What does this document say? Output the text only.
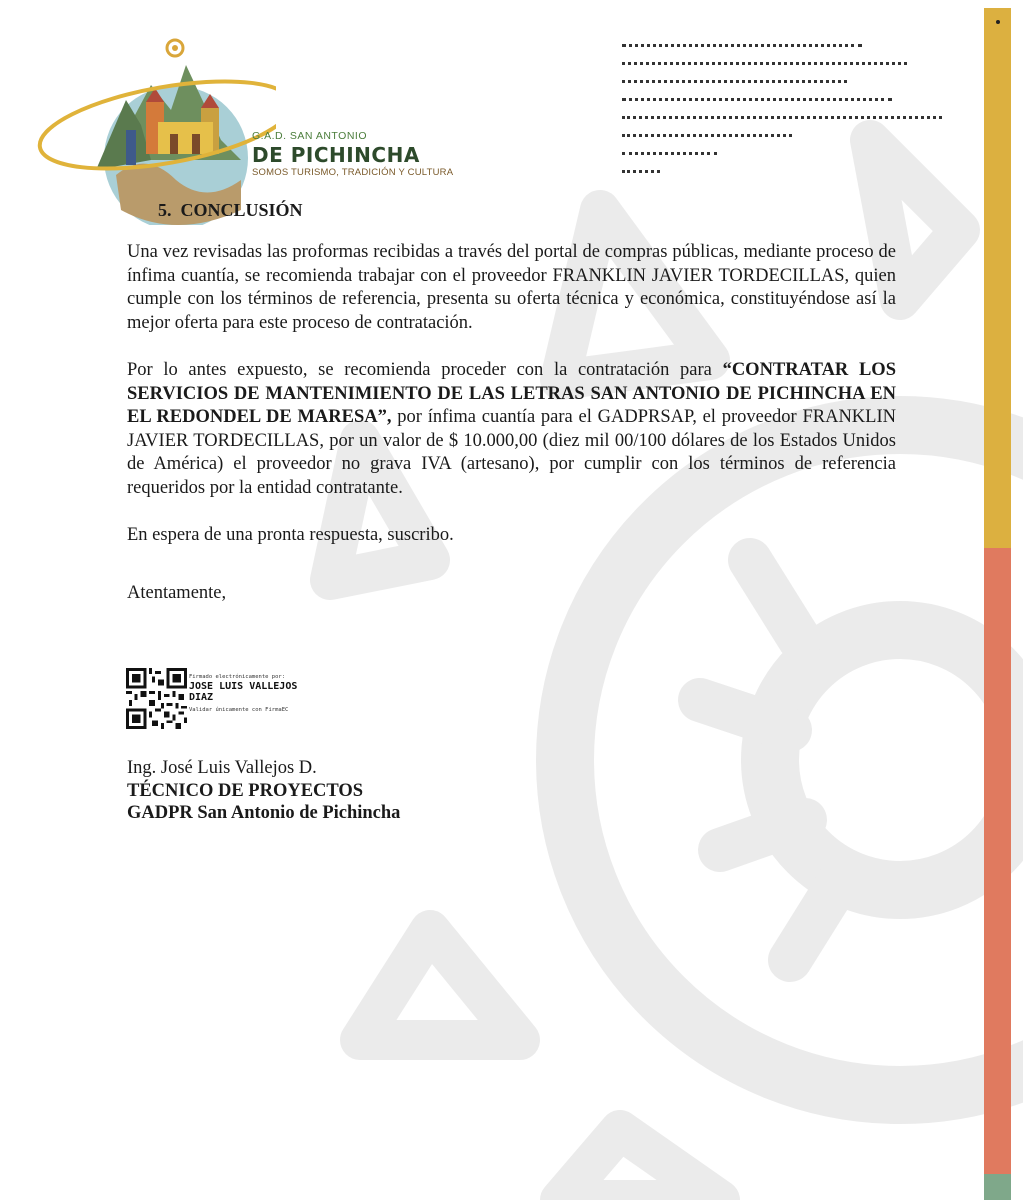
G.A.D. SAN ANTONIO
DE PICHINCHA
SOMOS TURISMO, TRADICIÓN Y CULTURA
5. CONCLUSIÓN

Una vez revisadas las proformas recibidas a través del portal de compras públicas, mediante proceso de ínfima cuantía, se recomienda trabajar con el proveedor FRANKLIN JAVIER TORDECILLAS, quien cumple con los términos de referencia, presenta su oferta técnica y económica, constituyéndose así la mejor oferta para este proceso de contratación.

Por lo antes expuesto, se recomienda proceder con la contratación para “CONTRATAR LOS SERVICIOS DE MANTENIMIENTO DE LAS LETRAS SAN ANTONIO DE PICHINCHA EN EL REDONDEL DE MARESA”, por ínfima cuantía para el GADPRSAP, el proveedor FRANKLIN JAVIER TORDECILLAS, por un valor de $ 10.000,00 (diez mil 00/100 dólares de los Estados Unidos de América) el proveedor no grava IVA (artesano), por cumplir con los términos de referencia requeridos por la entidad contratante.

En espera de una pronta respuesta, suscribo.

Atentamente,

Firmado electrónicamente por:
JOSE LUIS VALLEJOS
DIAZ
Validar únicamente con FirmaEC
Ing. José Luis Vallejos D.
TÉCNICO DE PROYECTOS
GADPR San Antonio de Pichincha
